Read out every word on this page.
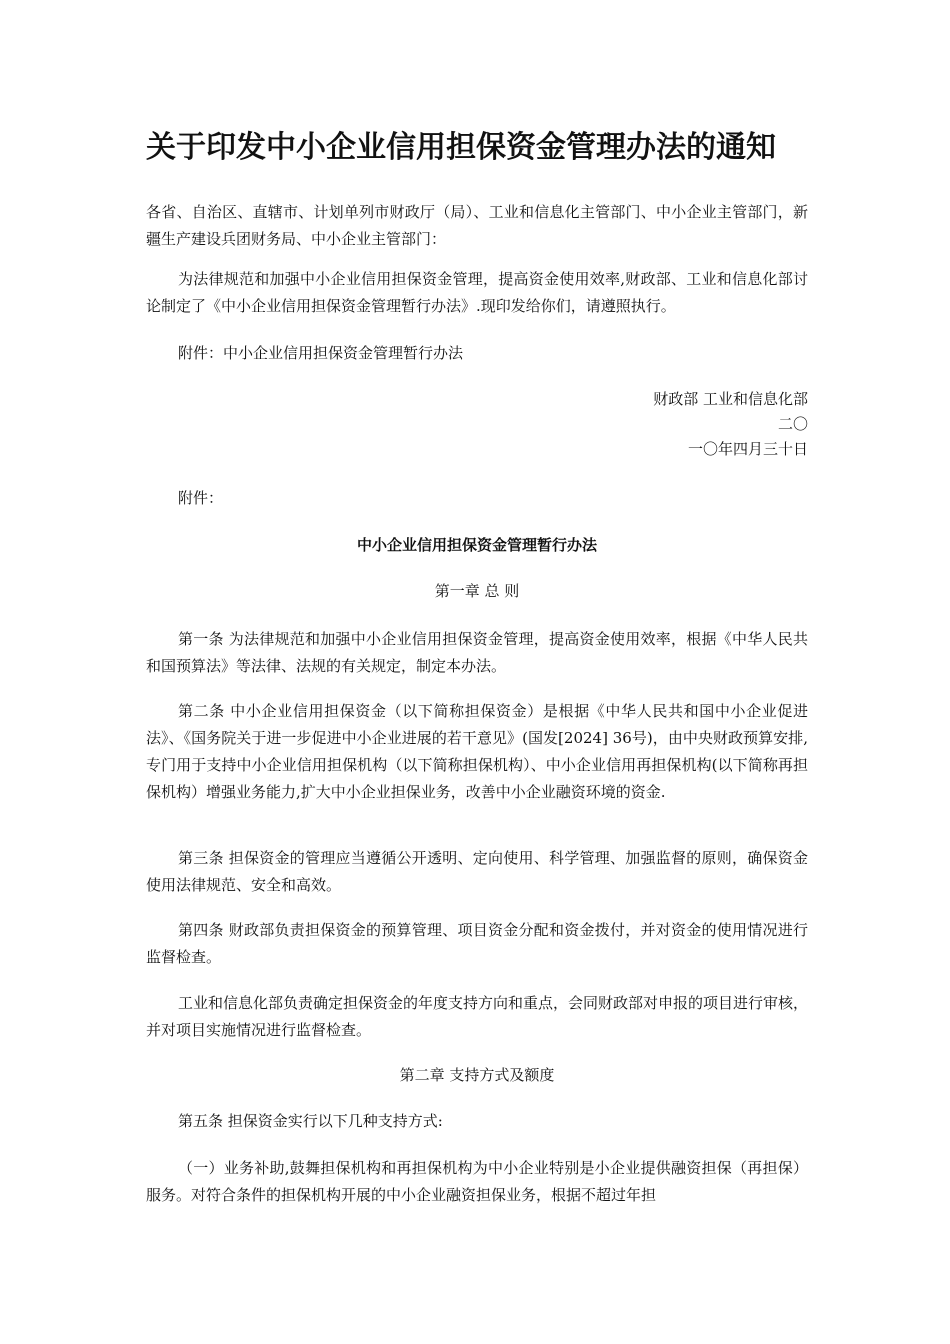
关于印发中小企业信用担保资金管理办法的通知

各省、自治区、直辖市、计划单列市财政厅（局）、工业和信息化主管部门、中小企业主管部门，新疆生产建设兵团财务局、中小企业主管部门：

为法律规范和加强中小企业信用担保资金管理，提高资金使用效率,财政部、工业和信息化部讨论制定了《中小企业信用担保资金管理暂行办法》.现印发给你们，请遵照执行。

附件：中小企业信用担保资金管理暂行办法

财政部 工业和信息化部

二〇

一〇年四月三十日

附件：

中小企业信用担保资金管理暂行办法

第一章 总 则

第一条 为法律规范和加强中小企业信用担保资金管理，提高资金使用效率，根据《中华人民共和国预算法》等法律、法规的有关规定，制定本办法。

第二条 中小企业信用担保资金（以下简称担保资金）是根据《中华人民共和国中小企业促进法》、《国务院关于进一步促进中小企业进展的若干意见》(国发[2024] 36号)，由中央财政预算安排,专门用于支持中小企业信用担保机构（以下简称担保机构）、中小企业信用再担保机构(以下简称再担保机构）增强业务能力,扩大中小企业担保业务，改善中小企业融资环境的资金.

第三条 担保资金的管理应当遵循公开透明、定向使用、科学管理、加强监督的原则，确保资金使用法律规范、安全和高效。

第四条 财政部负责担保资金的预算管理、项目资金分配和资金拨付，并对资金的使用情况进行监督检查。

工业和信息化部负责确定担保资金的年度支持方向和重点，会同财政部对申报的项目进行审核，并对项目实施情况进行监督检查。

第二章 支持方式及额度

第五条 担保资金实行以下几种支持方式:

（一）业务补助,鼓舞担保机构和再担保机构为中小企业特别是小企业提供融资担保（再担保）服务。对符合条件的担保机构开展的中小企业融资担保业务，根据不超过年担
